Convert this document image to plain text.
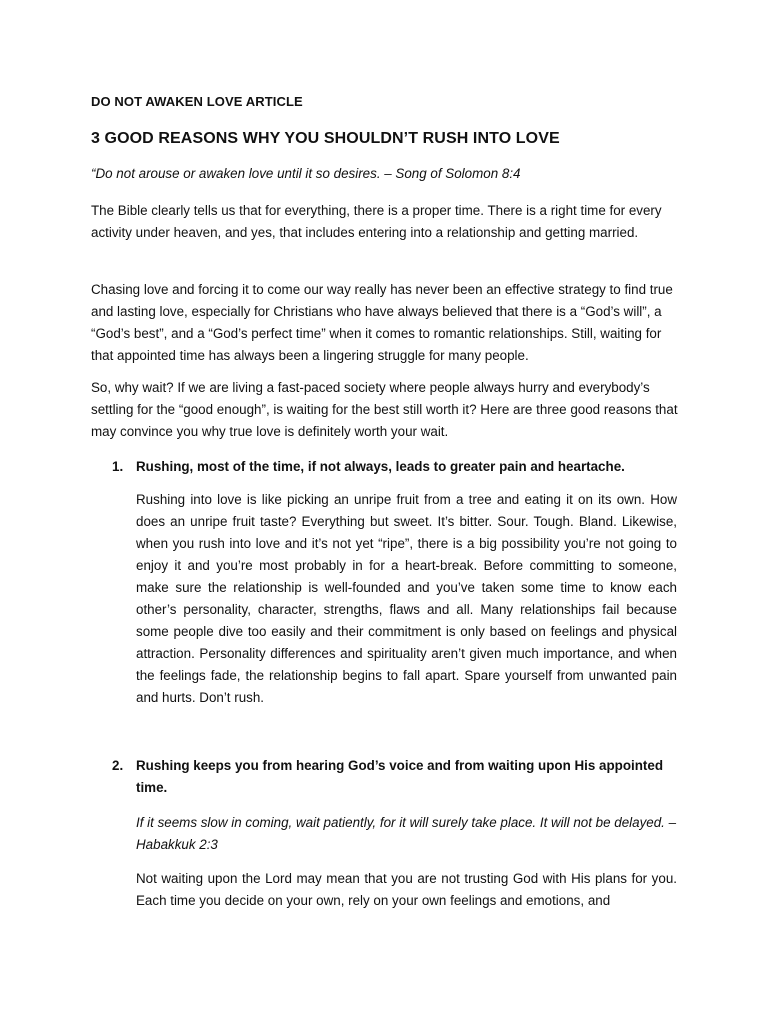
DO NOT AWAKEN LOVE ARTICLE
3 GOOD REASONS WHY YOU SHOULDN’T RUSH INTO LOVE
“Do not arouse or awaken love until it so desires. – Song of Solomon 8:4
The Bible clearly tells us that for everything, there is a proper time. There is a right time for every activity under heaven, and yes, that includes entering into a relationship and getting married.
Chasing love and forcing it to come our way really has never been an effective strategy to find true and lasting love, especially for Christians who have always believed that there is a “God’s will”, a “God’s best”, and a “God’s perfect time” when it comes to romantic relationships. Still, waiting for that appointed time has always been a lingering struggle for many people.
So, why wait? If we are living a fast-paced society where people always hurry and everybody’s settling for the “good enough”, is waiting for the best still worth it? Here are three good reasons that may convince you why true love is definitely worth your wait.
1. Rushing, most of the time, if not always, leads to greater pain and heartache.
Rushing into love is like picking an unripe fruit from a tree and eating it on its own. How does an unripe fruit taste? Everything but sweet. It’s bitter. Sour. Tough. Bland. Likewise, when you rush into love and it’s not yet “ripe”, there is a big possibility you’re not going to enjoy it and you’re most probably in for a heart-break. Before committing to someone, make sure the relationship is well-founded and you’ve taken some time to know each other’s personality, character, strengths, flaws and all. Many relationships fail because some people dive too easily and their commitment is only based on feelings and physical attraction. Personality differences and spirituality aren’t given much importance, and when the feelings fade, the relationship begins to fall apart. Spare yourself from unwanted pain and hurts. Don’t rush.
2. Rushing keeps you from hearing God’s voice and from waiting upon His appointed time.
If it seems slow in coming, wait patiently, for it will surely take place. It will not be delayed. – Habakkuk 2:3
Not waiting upon the Lord may mean that you are not trusting God with His plans for you. Each time you decide on your own, rely on your own feelings and emotions, and
